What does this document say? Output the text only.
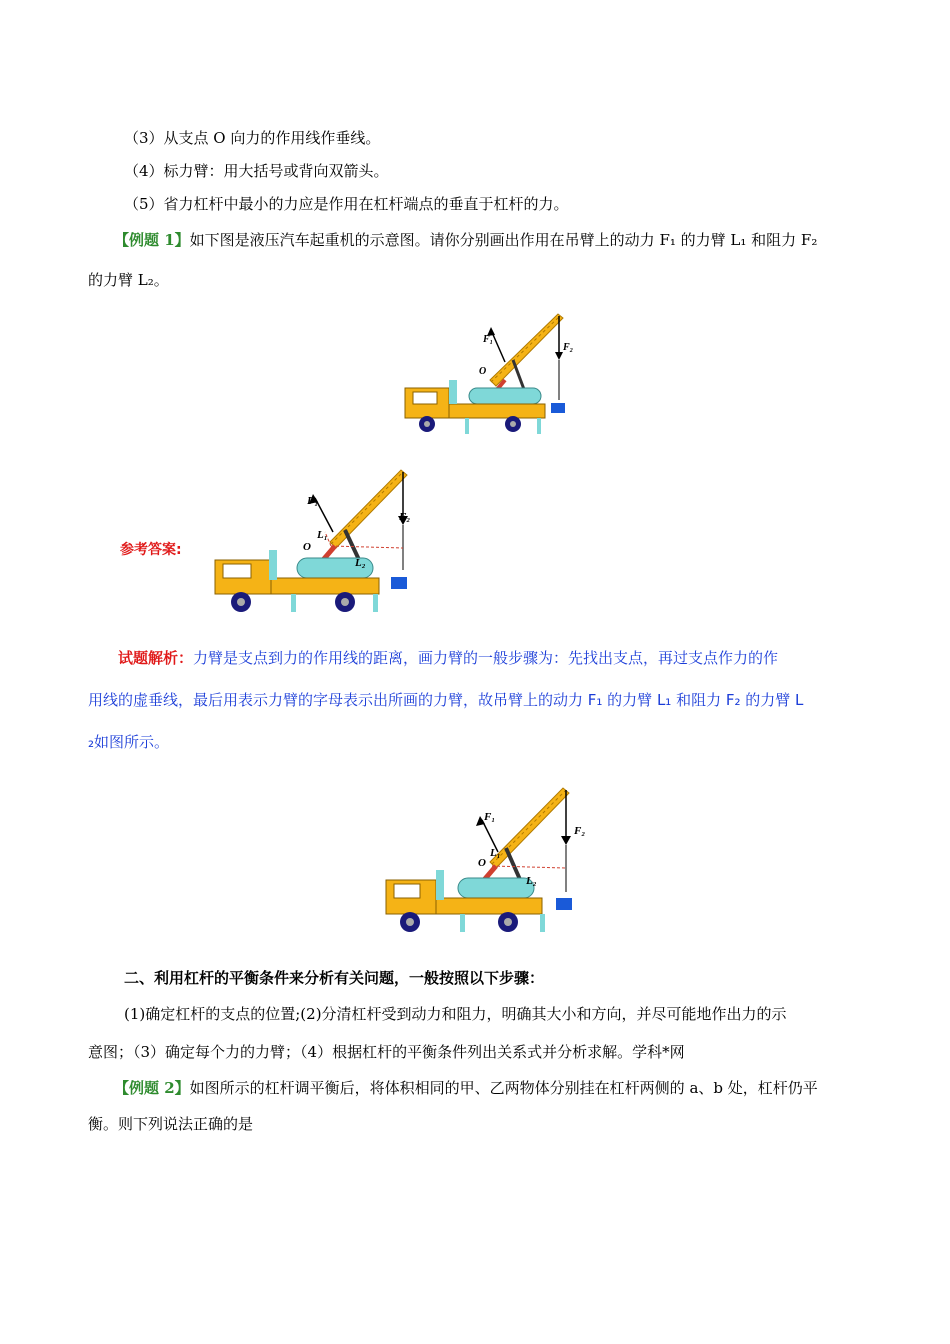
（3）从支点 O 向力的作用线作垂线。
（4）标力臂：用大括号或背向双箭头。
（5）省力杠杆中最小的力应是作用在杠杆端点的垂直于杠杆的力。
【例题 1】如下图是液压汽车起重机的示意图。请你分别画出作用在吊臂上的动力 F₁ 的力臂 L₁ 和阻力 F₂
的力臂 L₂。
F₁
F₂
O
参考答案:
F₁
F₂
O
L₁
L₂
试题解析：力臂是支点到力的作用线的距离，画力臂的一般步骤为：先找出支点，再过支点作力的作
用线的虚垂线，最后用表示力臂的字母表示出所画的力臂，故吊臂上的动力 F₁ 的力臂 L₁ 和阻力 F₂ 的力臂 L
₂如图所示。
F₁
F₂
O
L₁
L₂
二、利用杠杆的平衡条件来分析有关问题，一般按照以下步骤：
(1)确定杠杆的支点的位置;(2)分清杠杆受到动力和阻力，明确其大小和方向，并尽可能地作出力的示
意图；（3）确定每个力的力臂；（4）根据杠杆的平衡条件列出关系式并分析求解。学科*网
【例题 2】如图所示的杠杆调平衡后，将体积相同的甲、乙两物体分别挂在杠杆两侧的 a、b 处，杠杆仍平
衡。则下列说法正确的是
